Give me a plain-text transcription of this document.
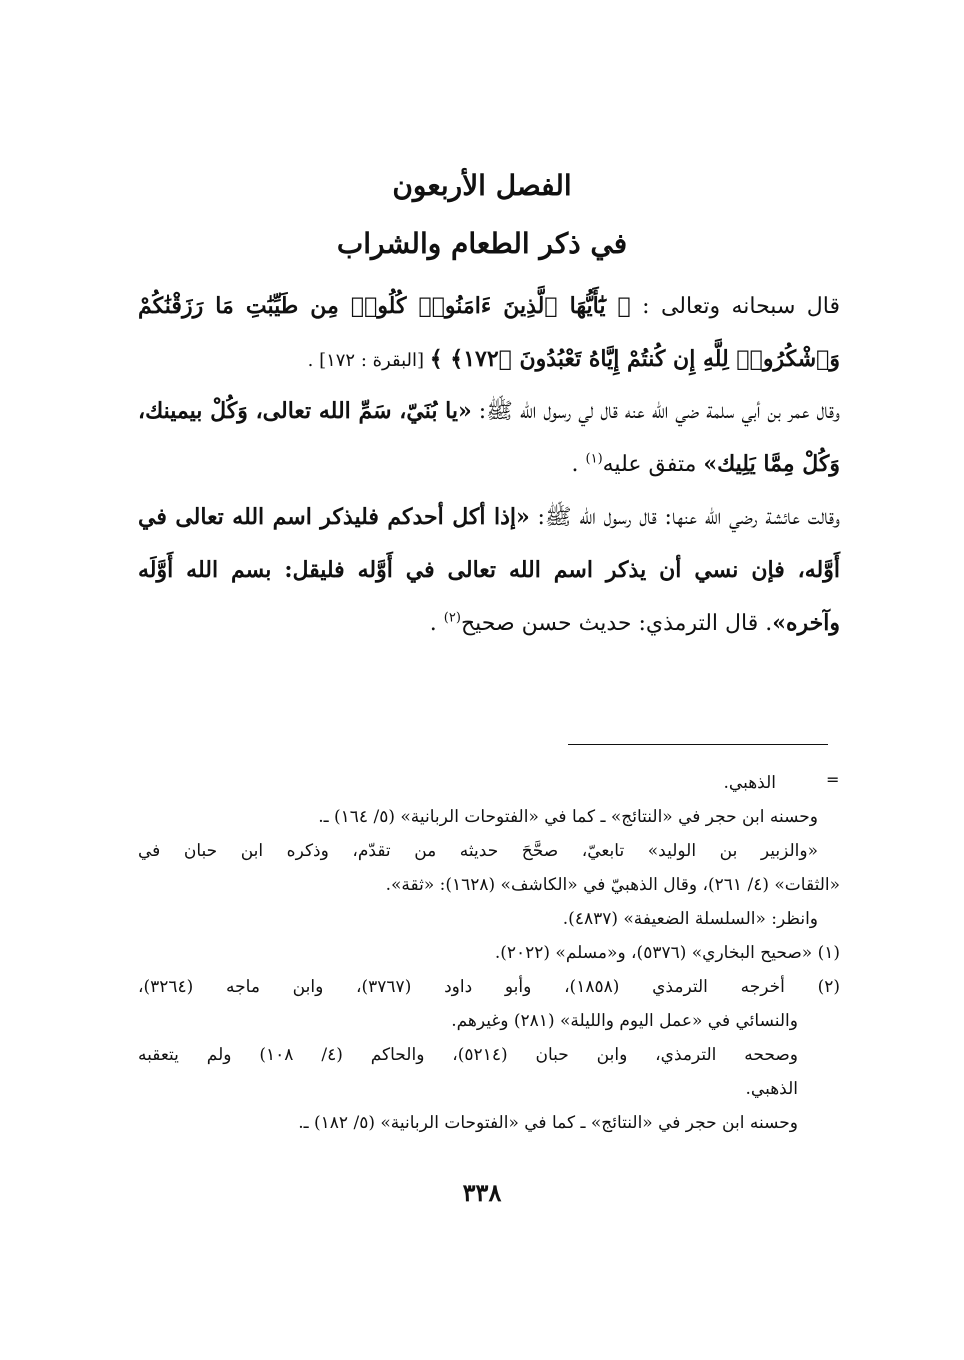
الفصل الأربعون
في ذكر الطعام والشراب
قال سبحانه وتعالى : ﴿ يَٰٓأَيُّهَا ٱلَّذِينَ ءَامَنُوا۟ كُلُوا۟ مِن طَيِّبَٰتِ مَا رَزَقْنَٰكُمْ وَٱشْكُرُوا۟ لِلَّهِ إِن كُنتُمْ إِيَّاهُ تَعْبُدُونَ ﴿١٧٢﴾ ﴾ [البقرة : ١٧٢] .
وقال عمر بن أبي سلمة ضي الله عنه قال لي رسول الله ﷺ: «يا بُنَيّ، سَمِّ الله تعالى، وَكُلْ بيمينك، وَكُلْ مِمَّا يَلِيك» متفق عليه$^{(١)}$ .
وقالت عائشة رضي الله عنها: قال رسول الله ﷺ: «إذا أكل أحدكم فليذكر اسم الله تعالى في أَوَّله، فإن نسي أن يذكر اسم الله تعالى في أَوَّله فليقل: بسم الله أَوَّلَه وآخره». قال الترمذي: حديث حسن صحيح$^{(٢)}$ .
=
الذهبي.
وحسنه ابن حجر في «النتائج» ـ كما في «الفتوحات الربانية» (٥/ ١٦٤) ـ.
«والزبير بن الوليد» تابعيّ، صحَّحَ حديثه من تقدّم، وذكره ابن حبان في
«الثقات» (٤/ ٢٦١)، وقال الذهبيّ في «الكاشف» (١٦٢٨): «ثقة».
وانظر: «السلسلة الضعيفة» (٤٨٣٧).
(١) «صحيح البخاري» (٥٣٧٦)، و«مسلم» (٢٠٢٢).
(٢) أخرجه الترمذي (١٨٥٨)، وأبو داود (٣٧٦٧)، وابن ماجه (٣٢٦٤)،
والنسائي في «عمل اليوم والليلة» (٢٨١) وغيرهم.
وصححه الترمذي، وابن حبان (٥٢١٤)، والحاكم (٤/ ١٠٨) ولم يتعقبه
الذهبي.
وحسنه ابن حجر في «النتائج» ـ كما في «الفتوحات الربانية» (٥/ ١٨٢) ـ.
٣٣٨
